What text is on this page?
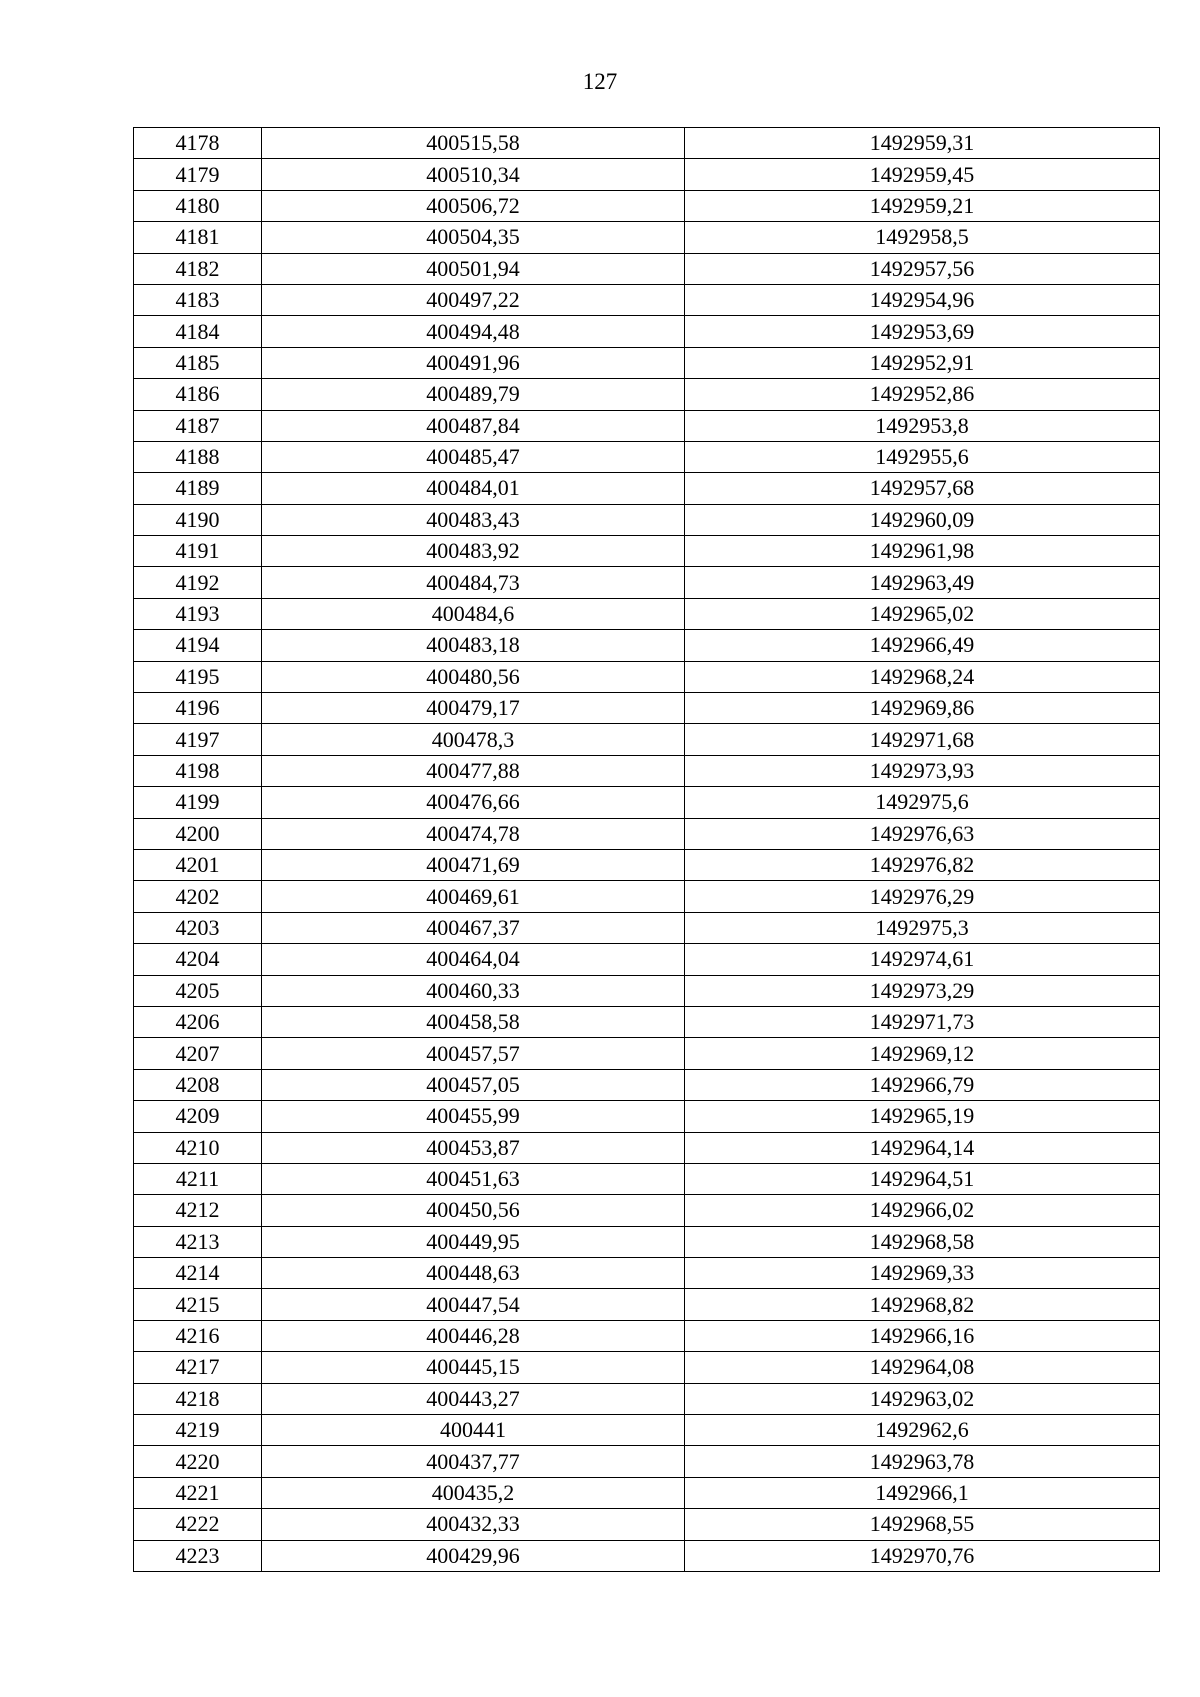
127
4178	400515,58	1492959,31
4179	400510,34	1492959,45
4180	400506,72	1492959,21
4181	400504,35	1492958,5
4182	400501,94	1492957,56
4183	400497,22	1492954,96
4184	400494,48	1492953,69
4185	400491,96	1492952,91
4186	400489,79	1492952,86
4187	400487,84	1492953,8
4188	400485,47	1492955,6
4189	400484,01	1492957,68
4190	400483,43	1492960,09
4191	400483,92	1492961,98
4192	400484,73	1492963,49
4193	400484,6	1492965,02
4194	400483,18	1492966,49
4195	400480,56	1492968,24
4196	400479,17	1492969,86
4197	400478,3	1492971,68
4198	400477,88	1492973,93
4199	400476,66	1492975,6
4200	400474,78	1492976,63
4201	400471,69	1492976,82
4202	400469,61	1492976,29
4203	400467,37	1492975,3
4204	400464,04	1492974,61
4205	400460,33	1492973,29
4206	400458,58	1492971,73
4207	400457,57	1492969,12
4208	400457,05	1492966,79
4209	400455,99	1492965,19
4210	400453,87	1492964,14
4211	400451,63	1492964,51
4212	400450,56	1492966,02
4213	400449,95	1492968,58
4214	400448,63	1492969,33
4215	400447,54	1492968,82
4216	400446,28	1492966,16
4217	400445,15	1492964,08
4218	400443,27	1492963,02
4219	400441	1492962,6
4220	400437,77	1492963,78
4221	400435,2	1492966,1
4222	400432,33	1492968,55
4223	400429,96	1492970,76
